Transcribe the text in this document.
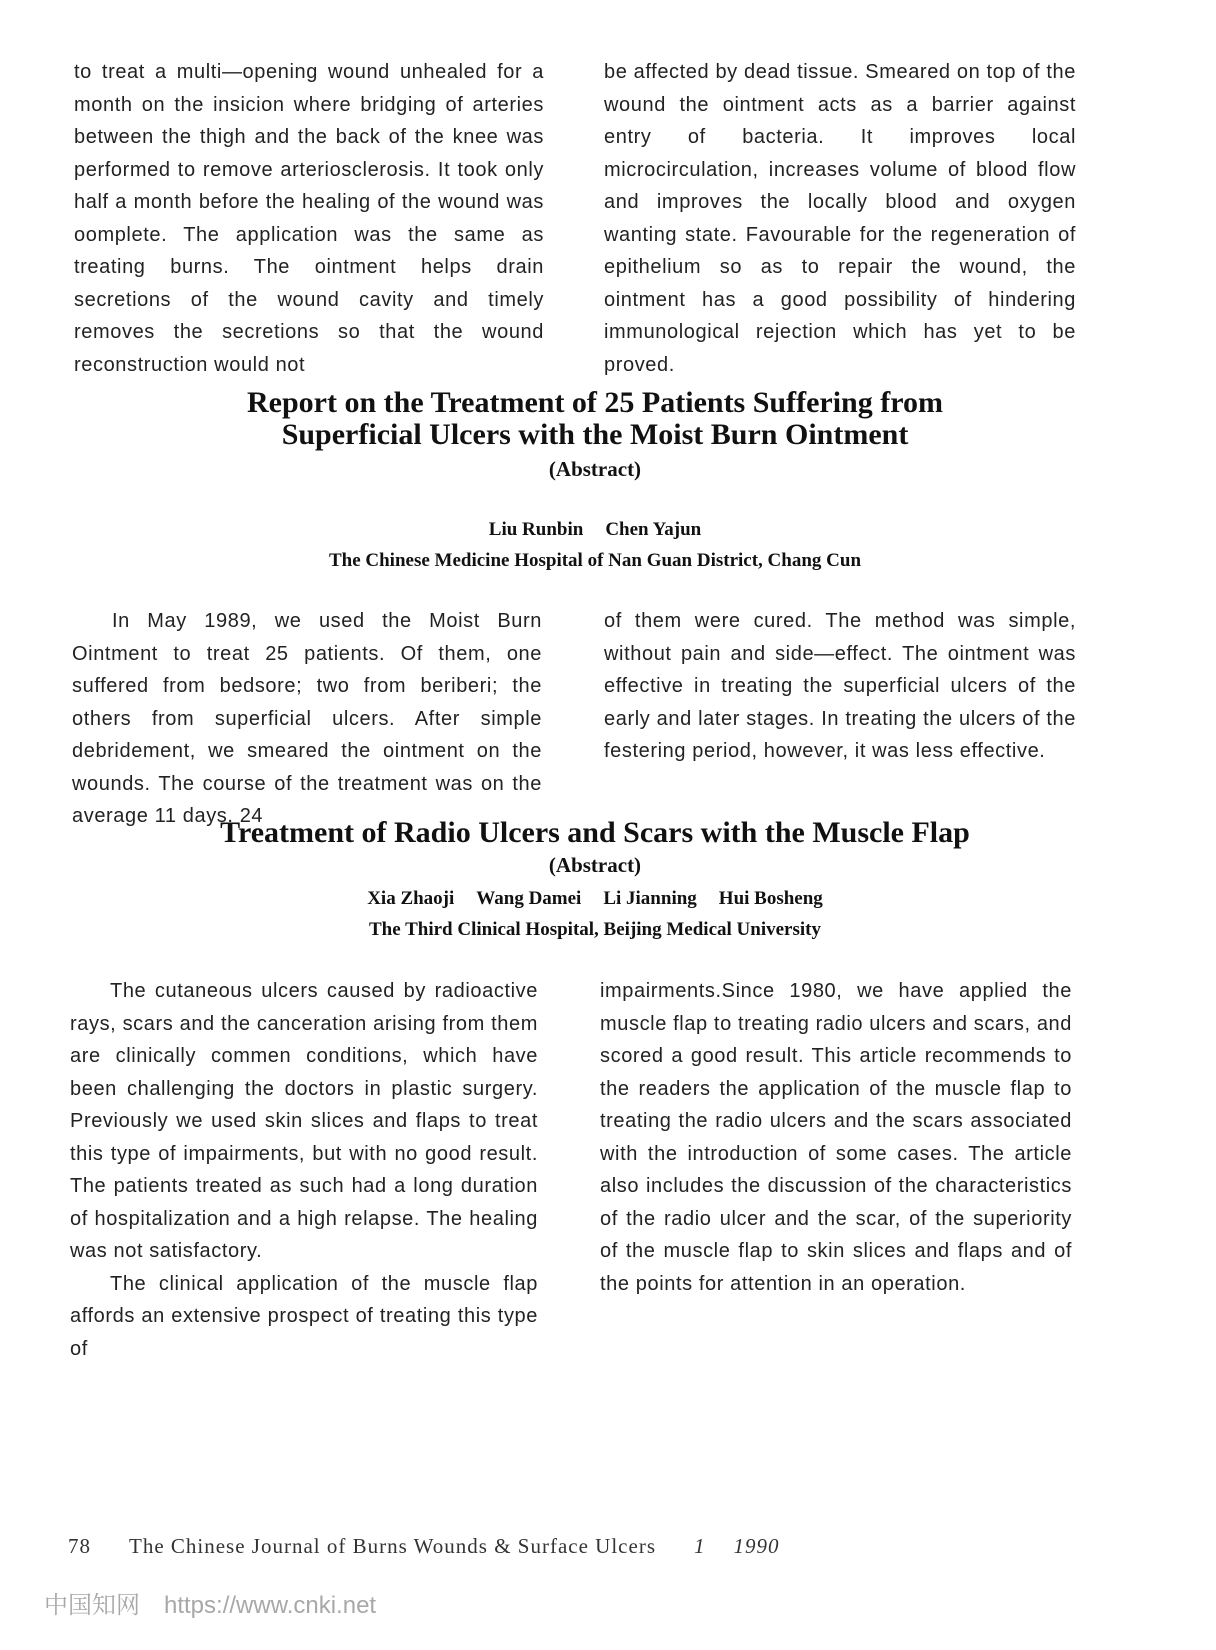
to treat a multi—opening wound unhealed for a month on the insicion where bridging of arteries between the thigh and the back of the knee was performed to remove arteriosclerosis. It took only half a month before the healing of the wound was oomplete. The application was the same as treating burns. The ointment helps drain secretions of the wound cavity and timely removes the secretions so that the wound reconstruction would not

be affected by dead tissue. Smeared on top of the wound the ointment acts as a barrier against entry of bacteria. It improves local microcirculation, increases volume of blood flow and improves the locally blood and oxygen wanting state. Favourable for the regeneration of epithelium so as to repair the wound, the ointment has a good possibility of hindering immunological rejection which has yet to be proved.

Report on the Treatment of 25 Patients Suffering from
Superficial Ulcers with the Moist Burn Ointment
(Abstract)
Liu Runbin Chen Yajun
The Chinese Medicine Hospital of Nan Guan District, Chang Cun

In May 1989, we used the Moist Burn Ointment to treat 25 patients. Of them, one suffered from bedsore; two from beriberi; the others from superficial ulcers. After simple debridement, we smeared the ointment on the wounds. The course of the treatment was on the average 11 days. 24

of them were cured. The method was simple, without pain and side—effect. The ointment was effective in treating the superficial ulcers of the early and later stages. In treating the ulcers of the festering period, however, it was less effective.

Treatment of Radio Ulcers and Scars with the Muscle Flap
(Abstract)
Xia Zhaoji Wang Damei Li Jianning Hui Bosheng
The Third Clinical Hospital, Beijing Medical University

The cutaneous ulcers caused by radioactive rays, scars and the canceration arising from them are clinically commen conditions, which have been challenging the doctors in plastic surgery. Previously we used skin slices and flaps to treat this type of impairments, but with no good result. The patients treated as such had a long duration of hospitalization and a high relapse. The healing was not satisfactory.

The clinical application of the muscle flap affords an extensive prospect of treating this type of

impairments.Since 1980, we have applied the muscle flap to treating radio ulcers and scars, and scored a good result. This article recommends to the readers the application of the muscle flap to treating the radio ulcers and the scars associated with the introduction of some cases. The article also includes the discussion of the characteristics of the radio ulcer and the scar, of the superiority of the muscle flap to skin slices and flaps and of the points for attention in an operation.

78 The Chinese Journal of Burns Wounds & Surface Ulcers 1 1990
中国知网 https://www.cnki.net
